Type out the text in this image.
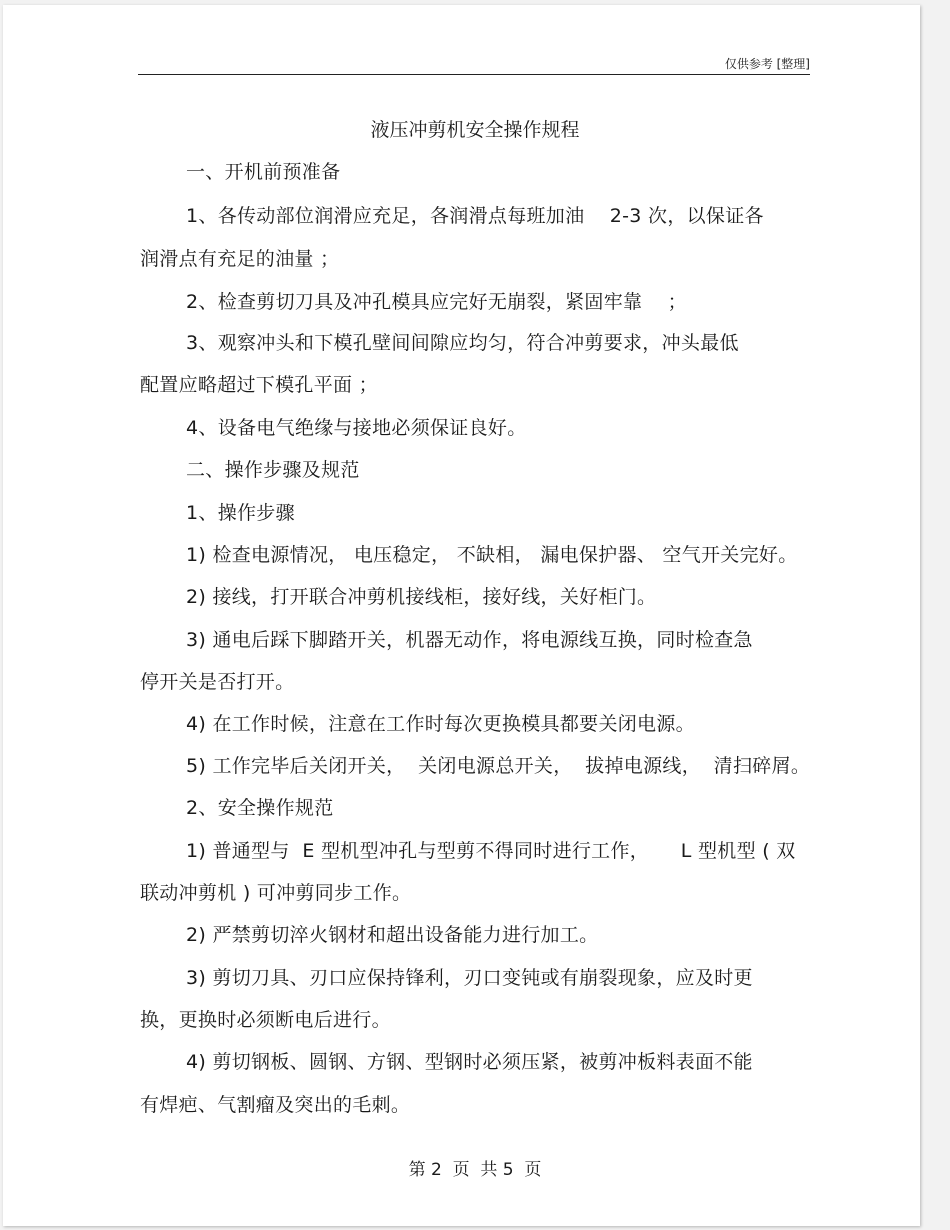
仅供参考 [整理]
液压冲剪机安全操作规程
一、开机前预准备
1、各传动部位润滑应充足，各润滑点每班加油    2-3 次，以保证各
润滑点有充足的油量 ；
2、检查剪切刀具及冲孔模具应完好无崩裂，紧固牢靠    ；
3、观察冲头和下模孔壁间间隙应均匀，符合冲剪要求，冲头最低
配置应略超过下模孔平面 ；
4、设备电气绝缘与接地必须保证良好。
二、操作步骤及规范
1、操作步骤
1) 检查电源情况， 电压稳定， 不缺相， 漏电保护器、 空气开关完好。
2) 接线，打开联合冲剪机接线柜，接好线，关好柜门。
3) 通电后踩下脚踏开关，机器无动作，将电源线互换，同时检查急
停开关是否打开。
4) 在工作时候，注意在工作时每次更换模具都要关闭电源。
5) 工作完毕后关闭开关，  关闭电源总开关，  拔掉电源线，  清扫碎屑。
2、安全操作规范
1) 普通型与  E 型机型冲孔与型剪不得同时进行工作，     L 型机型 ( 双
联动冲剪机 ) 可冲剪同步工作。
2) 严禁剪切淬火钢材和超出设备能力进行加工。
3) 剪切刀具、刃口应保持锋利，刃口变钝或有崩裂现象，应及时更
换，更换时必须断电后进行。
4) 剪切钢板、圆钢、方钢、型钢时必须压紧，被剪冲板料表面不能
有焊疤、气割瘤及突出的毛刺。
第 2  页  共 5  页
